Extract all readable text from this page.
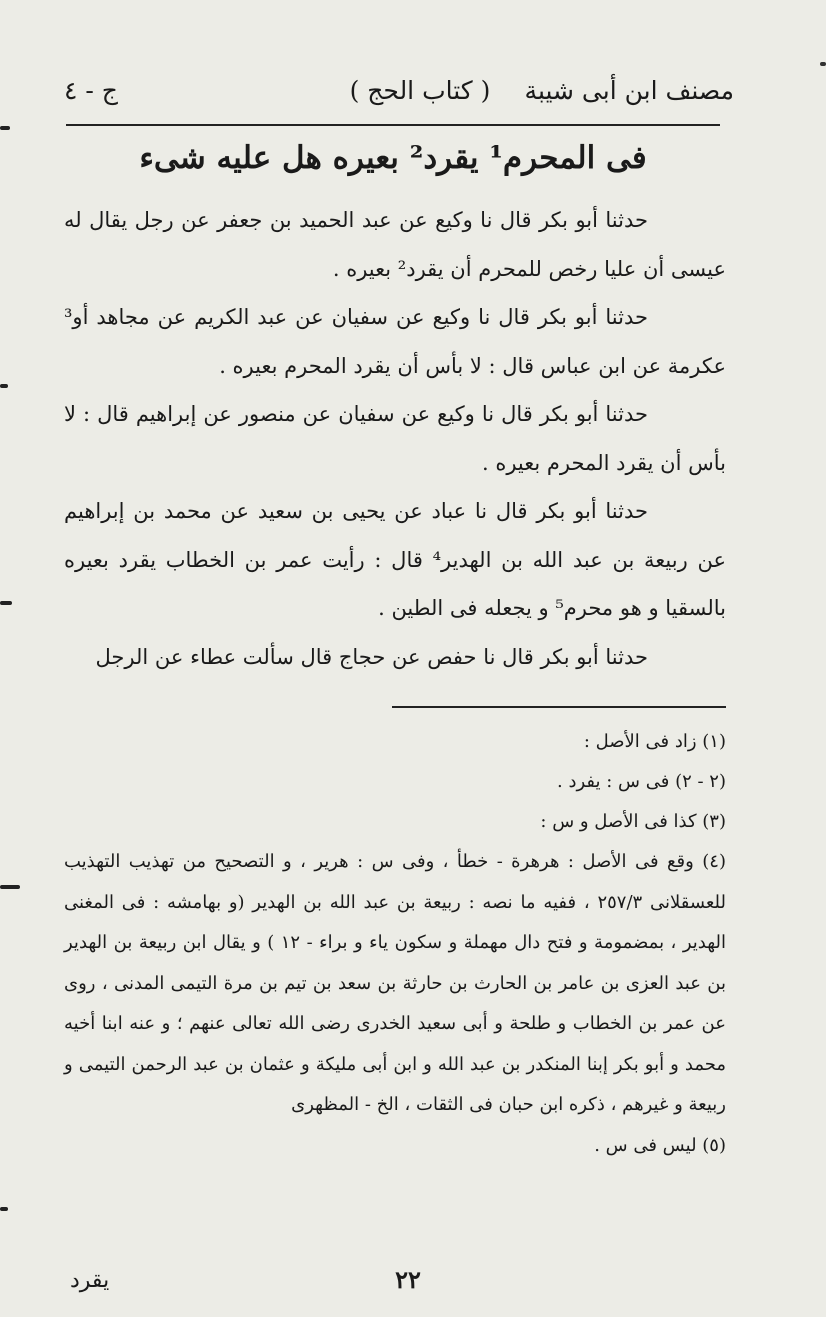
مصنف ابن أبى شيبة
( كتاب الحج )
ج - ٤
فى المحرم¹ يقرد² بعيره هل عليه شىء

حدثنا أبو بكر قال نا وكيع عن عبد الحميد بن جعفر عن رجل يقال له عيسى أن عليا رخص للمحرم أن يقرد² بعيره .

حدثنا أبو بكر قال نا وكيع عن سفيان عن عبد الكريم عن مجاهد أو³ عكرمة عن ابن عباس قال : لا بأس أن يقرد المحرم بعيره .

حدثنا أبو بكر قال نا وكيع عن سفيان عن منصور عن إبراهيم قال : لا بأس أن يقرد المحرم بعيره .

حدثنا أبو بكر قال نا عباد عن يحيى بن سعيد عن محمد بن إبراهيم عن ربيعة بن عبد الله بن الهدير⁴ قال : رأيت عمر بن الخطاب يقرد بعيره بالسقيا و هو محرم⁵ و يجعله فى الطين .

حدثنا أبو بكر قال نا حفص عن حجاج قال سألت عطاء عن الرجل

(١) زاد فى الأصل :

(٢ - ٢) فى س : يفرد .

(٣) كذا فى الأصل و س :

(٤) وقع فى الأصل : هرهرة - خطأ ، وفى س : هرير ، و التصحيح من تهذيب التهذيب للعسقلانى ٢٥٧/٣ ، ففيه ما نصه : ربيعة بن عبد الله بن الهدير (و بهامشه : فى المغنى الهدير ، بمضمومة و فتح دال مهملة و سكون ياء و براء - ١٢ ) و يقال ابن ربيعة بن الهدير بن عبد العزى بن عامر بن الحارث بن حارثة بن سعد بن تيم بن مرة التيمى المدنى ، روى عن عمر بن الخطاب و طلحة و أبى سعيد الخدرى رضى الله تعالى عنهم ؛ و عنه ابنا أخيه محمد و أبو بكر إبنا المنكدر بن عبد الله و ابن أبى مليكة و عثمان بن عبد الرحمن التيمى و ربيعة و غيرهم ، ذكره ابن حبان فى الثقات ، الخ - المظهرى

(٥) ليس فى س .

٢٢
يقرد
